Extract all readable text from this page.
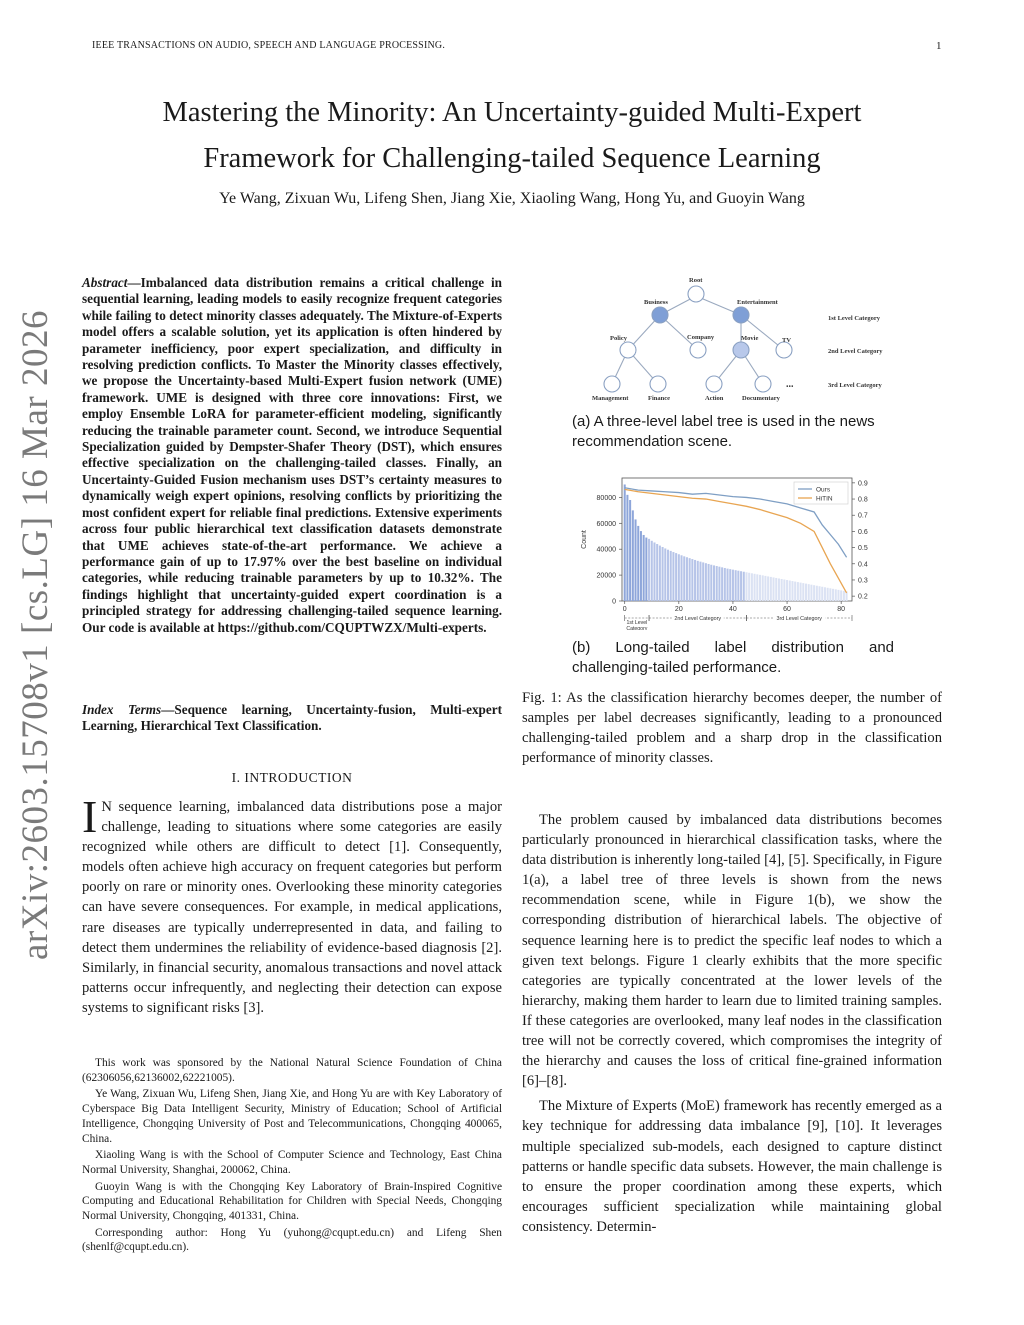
IEEE TRANSACTIONS ON AUDIO, SPEECH AND LANGUAGE PROCESSING.	1
Mastering the Minority: An Uncertainty-guided Multi-Expert
Framework for Challenging-tailed Sequence Learning
Ye Wang, Zixuan Wu, Lifeng Shen, Jiang Xie, Xiaoling Wang, Hong Yu, and Guoyin Wang
arXiv:2603.15708v1 [cs.LG] 16 Mar 2026
Abstract—Imbalanced data distribution remains a critical challenge in sequential learning, leading models to easily recognize frequent categories while failing to detect minority classes adequately. The Mixture-of-Experts model offers a scalable solution, yet its application is often hindered by parameter inefficiency, poor expert specialization, and difficulty in resolving prediction conflicts. To Master the Minority classes effectively, we propose the Uncertainty-based Multi-Expert fusion network (UME) framework. UME is designed with three core innovations: First, we employ Ensemble LoRA for parameter-efficient modeling, significantly reducing the trainable parameter count. Second, we introduce Sequential Specialization guided by Dempster-Shafer Theory (DST), which ensures effective specialization on the challenging-tailed classes. Finally, an Uncertainty-Guided Fusion mechanism uses DST’s certainty measures to dynamically weigh expert opinions, resolving conflicts by prioritizing the most confident expert for reliable final predictions. Extensive experiments across four public hierarchical text classification datasets demonstrate that UME achieves state-of-the-art performance. We achieve a performance gain of up to 17.97% over the best baseline on individual categories, while reducing trainable parameters by up to 10.32%. The findings highlight that uncertainty-guided expert coordination is a principled strategy for addressing challenging-tailed sequence learning. Our code is available at https://github.com/CQUPTWZX/Multi-experts.
Index Terms—Sequence learning, Uncertainty-fusion, Multi-expert Learning, Hierarchical Text Classification.
I. INTRODUCTION
I N sequence learning, imbalanced data distributions pose a major challenge, leading to situations where some categories are easily recognized while others are difficult to detect [1]. Consequently, models often achieve high accuracy on frequent categories but perform poorly on rare or minority ones. Overlooking these minority categories can have severe consequences. For example, in medical applications, rare diseases are typically underrepresented in data, and failing to detect them undermines the reliability of evidence-based diagnosis [2]. Similarly, in financial security, anomalous transactions and novel attack patterns occur infrequently, and neglecting their detection can expose systems to significant risks [3].

This work was sponsored by the National Natural Science Foundation of China (62306056,62136002,62221005).

Ye Wang, Zixuan Wu, Lifeng Shen, Jiang Xie, and Hong Yu are with Key Laboratory of Cyberspace Big Data Intelligent Security, Ministry of Education; School of Artificial Intelligence, Chongqing University of Post and Telecommunications, Chongqing 400065, China.

Xiaoling Wang is with the School of Computer Science and Technology, East China Normal University, Shanghai, 200062, China.

Guoyin Wang is with the Chongqing Key Laboratory of Brain-Inspired Cognitive Computing and Educational Rehabilitation for Children with Special Needs, Chongqing Normal University, Chongqing, 401331, China.

Corresponding author: Hong Yu (yuhong@cqupt.edu.cn) and Lifeng Shen (shenlf@cqupt.edu.cn).

Root
Business	Entertainment
Policy	Company	Movie	TV
Management	Finance	Action	Documentary
...
1st Level Category
2nd Level Category
3rd Level Category
(a) A three-level label tree is used in the news recommendation scene.
0
20000
40000
60000
80000
0.2
0.3
0.4
0.5
0.6
0.7
0.8
0.9
0	20	40	60	80
Count
1st Level Category
2nd Level Category	3rd Level Category
Ours
HiTIN
(b) Long-tailed label distribution and challenging-tailed performance.
Fig. 1: As the classification hierarchy becomes deeper, the number of samples per label decreases significantly, leading to a pronounced challenging-tailed problem and a sharp drop in the classification performance of minority classes.

The problem caused by imbalanced data distributions becomes particularly pronounced in hierarchical classification tasks, where the data distribution is inherently long-tailed [4], [5]. Specifically, in Figure 1(a), a label tree of three levels is shown from the news recommendation scene, while in Figure 1(b), we show the corresponding distribution of hierarchical labels. The objective of sequence learning here is to predict the specific leaf nodes to which a given text belongs. Figure 1 clearly exhibits that the more specific categories are typically concentrated at the lower levels of the hierarchy, making them harder to learn due to limited training samples. If these categories are overlooked, many leaf nodes in the classification tree will not be correctly covered, which compromises the integrity of the hierarchy and causes the loss of critical fine-grained information [6]–[8].

The Mixture of Experts (MoE) framework has recently emerged as a key technique for addressing data imbalance [9], [10]. It leverages multiple specialized sub-models, each designed to capture distinct patterns or handle specific data subsets. However, the main challenge is to ensure the proper coordination among these experts, which encourages sufficient specialization while maintaining global consistency. Determin-
